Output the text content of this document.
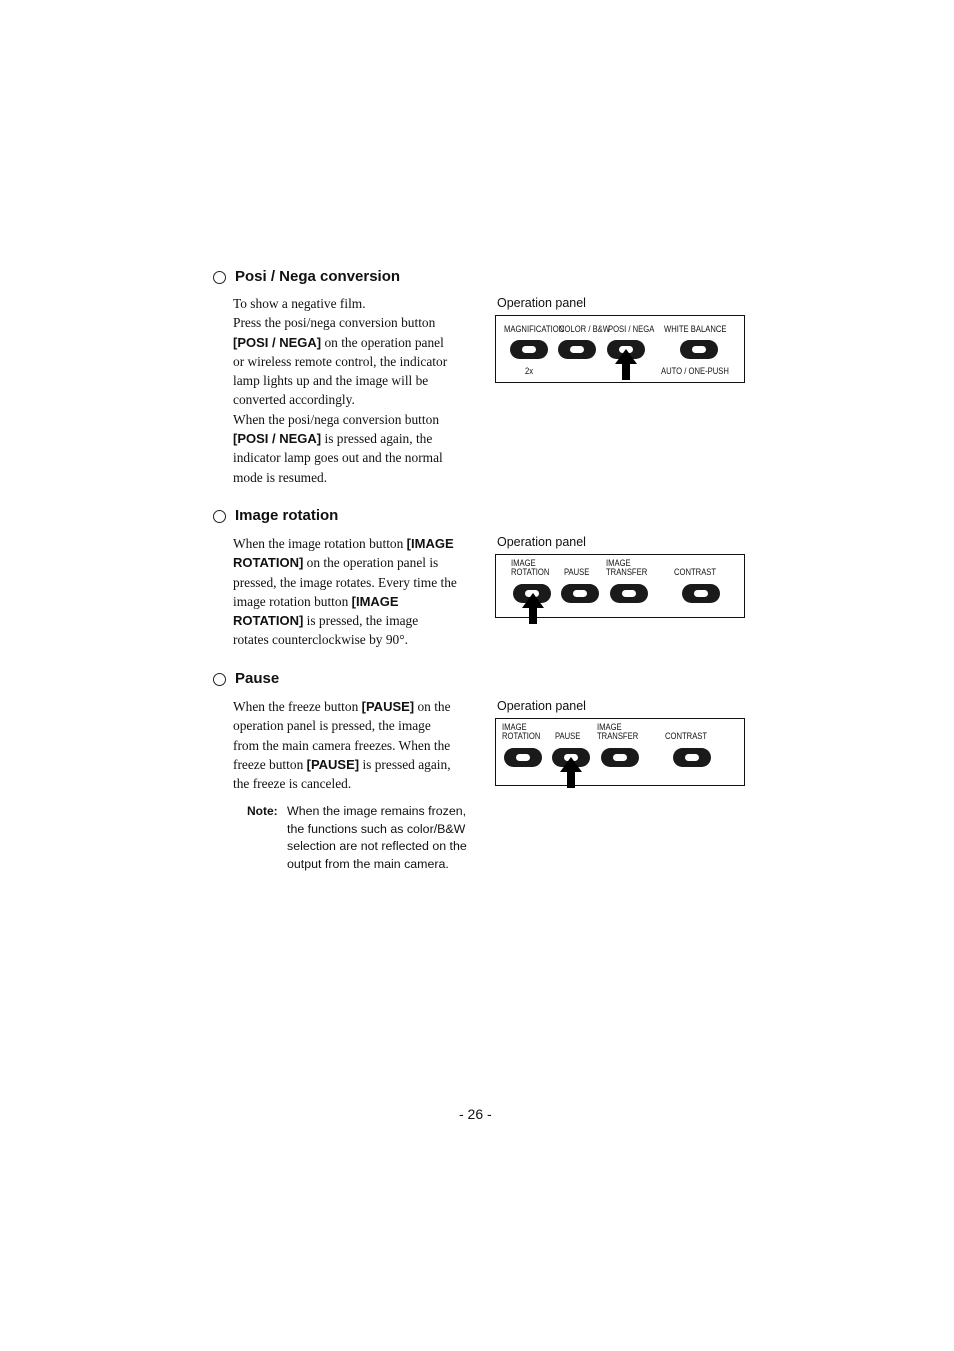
Posi / Nega conversion
To show a negative film.
Press the posi/nega conversion button
[POSI / NEGA] on the operation panel
or wireless remote control, the indicator
lamp lights up and the image will be
converted accordingly.
When the posi/nega conversion button
[POSI / NEGA] is pressed again, the
indicator lamp goes out and the normal
mode is resumed.
Operation panel
MAGNIFICATION
COLOR / B&W
POSI / NEGA WHITE BALANCE
2x	AUTO / ONE-PUSH
Image rotation
When the image rotation button [IMAGE
ROTATION] on the operation panel is
pressed, the image rotates. Every time the
image rotation button [IMAGE
ROTATION] is pressed, the image
rotates counterclockwise by 90°.
Operation panel
IMAGE
ROTATION PAUSE
IMAGE
TRANSFER	CONTRAST
Pause
When the freeze button [PAUSE] on the
operation panel is pressed, the image
from the main camera freezes. When the
freeze button [PAUSE] is pressed again,
the freeze is canceled.
Note: When the image remains frozen,
the functions such as color/B&W
selection are not reflected on the
output from the main camera.
Operation panel
IMAGE
ROTATION PAUSE
IMAGE
TRANSFER	CONTRAST
- 26 -
